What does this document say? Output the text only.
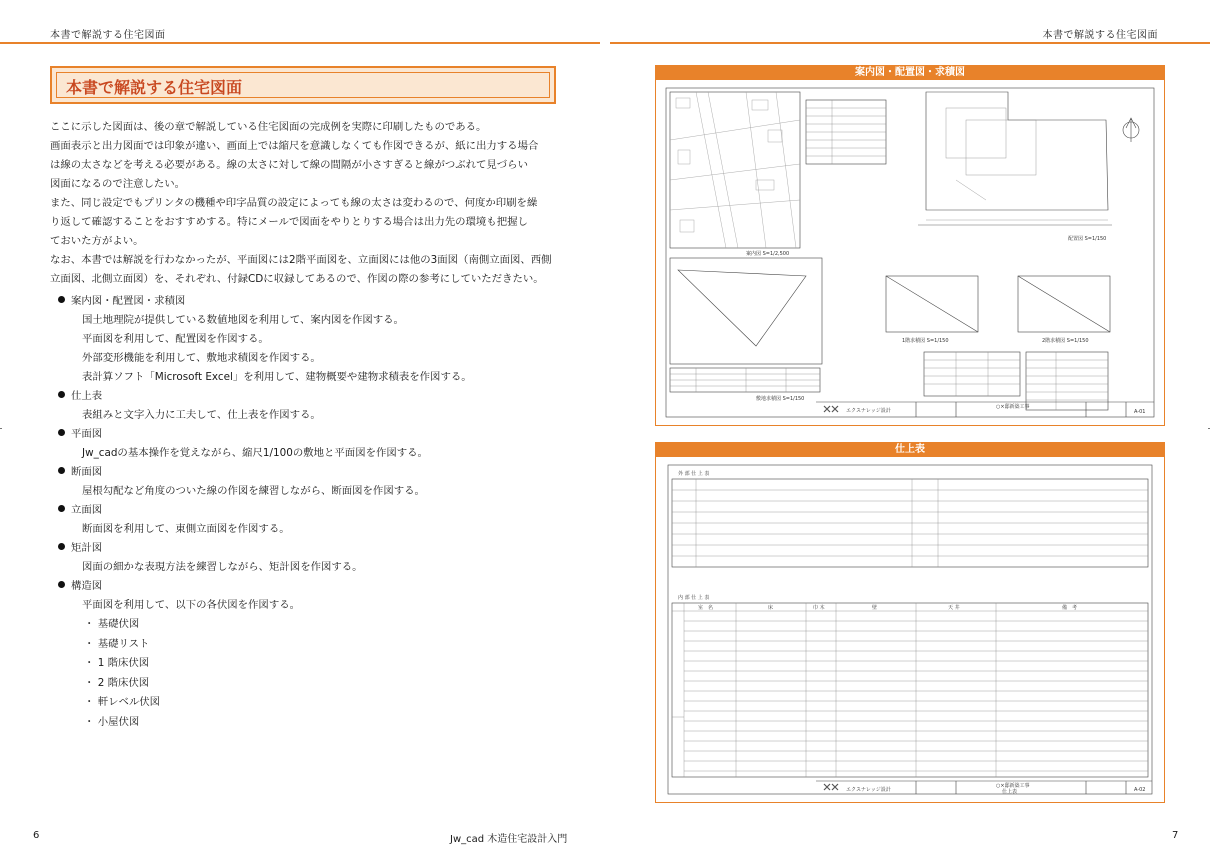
本書で解説する住宅図面	本書で解説する住宅図面
本書で解説する住宅図面

ここに示した図面は、後の章で解説している住宅図面の完成例を実際に印刷したものである。

画面表示と出力図面では印象が違い、画面上では縮尺を意識しなくても作図できるが、紙に出力する場合

は線の太さなどを考える必要がある。線の太さに対して線の間隔が小さすぎると線がつぶれて見づらい

図面になるので注意したい。

また、同じ設定でもプリンタの機種や印字品質の設定によっても線の太さは変わるので、何度か印刷を繰

り返して確認することをおすすめする。特にメールで図面をやりとりする場合は出力先の環境も把握し

ておいた方がよい。

なお、本書では解説を行わなかったが、平面図には2階平面図を、立面図には他の3面図（南側立面図、西側

立面図、北側立面図）を、それぞれ、付録CDに収録してあるので、作図の際の参考にしていただきたい。

案内図・配置図・求積図
国土地理院が提供している数値地図を利用して、案内図を作図する。
平面図を利用して、配置図を作図する。
外部変形機能を利用して、敷地求積図を作図する。
表計算ソフト「Microsoft Excel」を利用して、建物概要や建物求積表を作図する。
仕上表
表組みと文字入力に工夫して、仕上表を作図する。
平面図
Jw_cadの基本操作を覚えながら、縮尺1/100の敷地と平面図を作図する。
断面図
屋根勾配など角度のついた線の作図を練習しながら、断面図を作図する。
立面図
断面図を利用して、東側立面図を作図する。
矩計図
図面の細かな表現方法を練習しながら、矩計図を作図する。
構造図
平面図を利用して、以下の各伏図を作図する。
・ 基礎伏図
・ 基礎リスト
・ 1 階床伏図
・ 2 階床伏図
・ 軒レベル伏図
・ 小屋伏図
案内図・配置図・求積図
案内図 S=1/2,500
配置図 S=1/150
敷地求積図 S=1/150
1階求積図 S=1/150	2階求積図 S=1/150
エクスナレッジ設計
○×邸新築工事
A-01
仕上表
外 部 仕 上 表
内 部 仕 上 表
室　名	床	巾 木	壁	天 井	備　考
エクスナレッジ設計
○×邸新築工事
仕上表	A-02
6	Jw_cad 木造住宅設計入門	7
